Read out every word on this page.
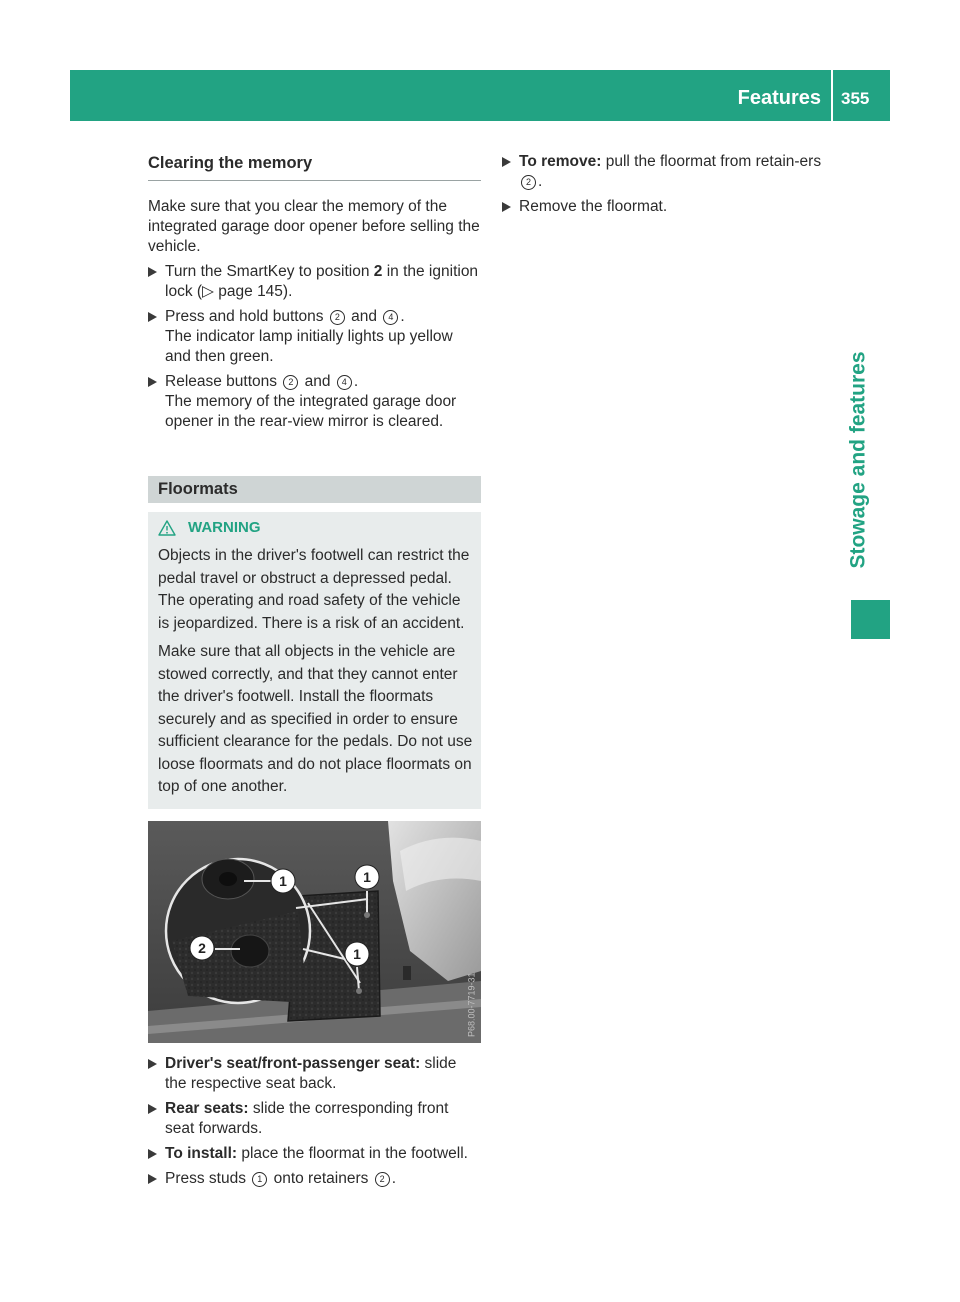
Features 355
Stowage and features
Clearing the memory

Make sure that you clear the memory of the integrated garage door opener before selling the vehicle.

Turn the SmartKey to position 2 in the ignition lock (▷ page 145).
Press and hold buttons 2 and 4 .
The indicator lamp initially lights up yellow and then green.
Release buttons 2 and 4 .
The memory of the integrated garage door opener in the rear-view mirror is cleared.
Floormats
WARNING

Objects in the driver's footwell can restrict the pedal travel or obstruct a depressed pedal. The operating and road safety of the vehicle is jeopardized. There is a risk of an accident.

Make sure that all objects in the vehicle are stowed correctly, and that they cannot enter the driver's footwell. Install the floormats securely and as specified in order to ensure sufficient clearance for the pedals. Do not use loose floormats and do not place floormats on top of one another.

1	1
1
2
P68.00-7719-31
Driver's seat/front-passenger seat: slide the respective seat back.
Rear seats: slide the corresponding front seat forwards.
To install: place the floormat in the footwell.
Press studs 1 onto retainers 2 .
To remove: pull the floormat from retain-ers 2 .
Remove the floormat.
